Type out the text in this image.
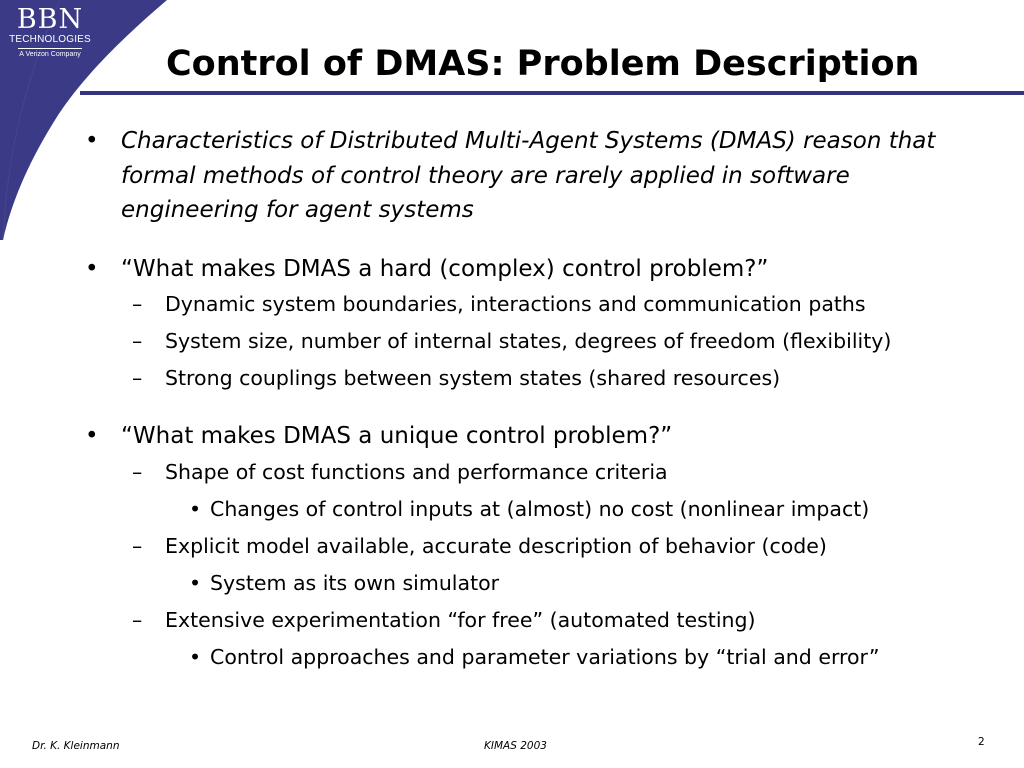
BBN
TECHNOLOGIES
A Verizon Company	Control of DMAS: Problem Description
• Characteristics of Distributed Multi-Agent Systems (DMAS) reason that formal methods of control theory are rarely applied in software engineering for agent systems
• “What makes DMAS a hard (complex) control problem?”
– Dynamic system boundaries, interactions and communication paths
– System size, number of internal states, degrees of freedom (flexibility)
– Strong couplings between system states (shared resources)
• “What makes DMAS a unique control problem?”
– Shape of cost functions and performance criteria
• Changes of control inputs at (almost) no cost (nonlinear impact)
– Explicit model available, accurate description of behavior (code)
• System as its own simulator
– Extensive experimentation “for free” (automated testing)
• Control approaches and parameter variations by “trial and error”
Dr. K. Kleinmann	KIMAS 2003	2
